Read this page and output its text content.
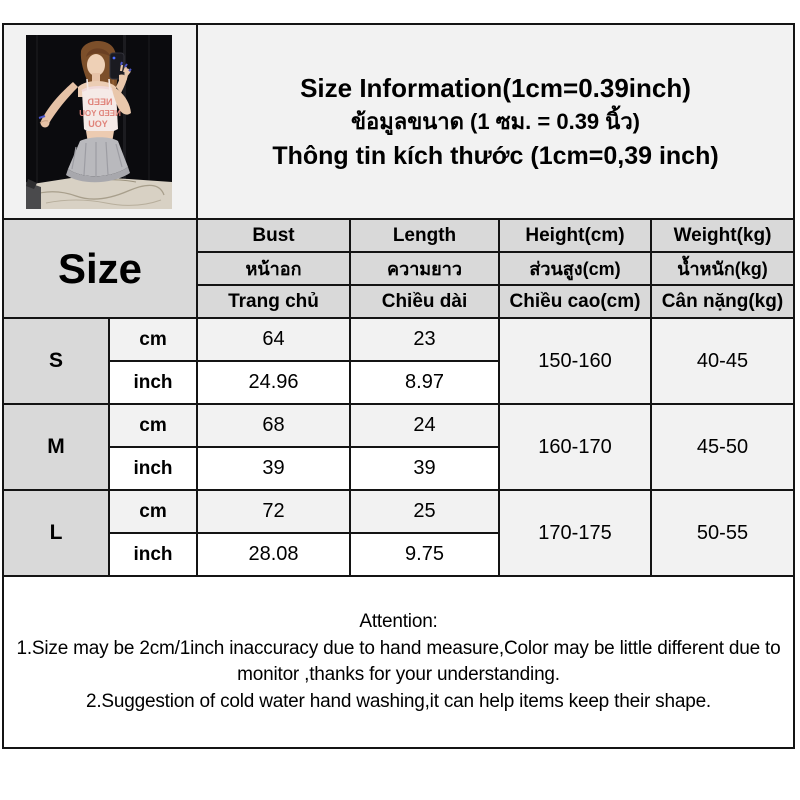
NEED
NEED YOU
YOU

Size Information(1cm=0.39inch)
ข้อมูลขนาด (1 ซม. = 0.39 นิ้ว)
Thông tin kích thước (1cm=0,39 inch)

Size		Bust	Length	Height(cm)	Weight(kg)
		หน้าอก	ความยาว	ส่วนสูง(cm)	น้ำหนัก(kg)
		Trang chủ	Chiều dài	Chiều cao(cm)	Cân nặng(kg)
S	cm	64	23	150-160	40-45
	inch	24.96	8.97		
M	cm	68	24	160-170	45-50
	inch	39	39		
L	cm	72	25	170-175	50-55
	inch	28.08	9.75		

Attention:

1.Size may be 2cm/1inch inaccuracy due to hand measure,Color may be little different due to monitor ,thanks for your understanding.

2.Suggestion of cold water hand washing,it can help items keep their shape.					
